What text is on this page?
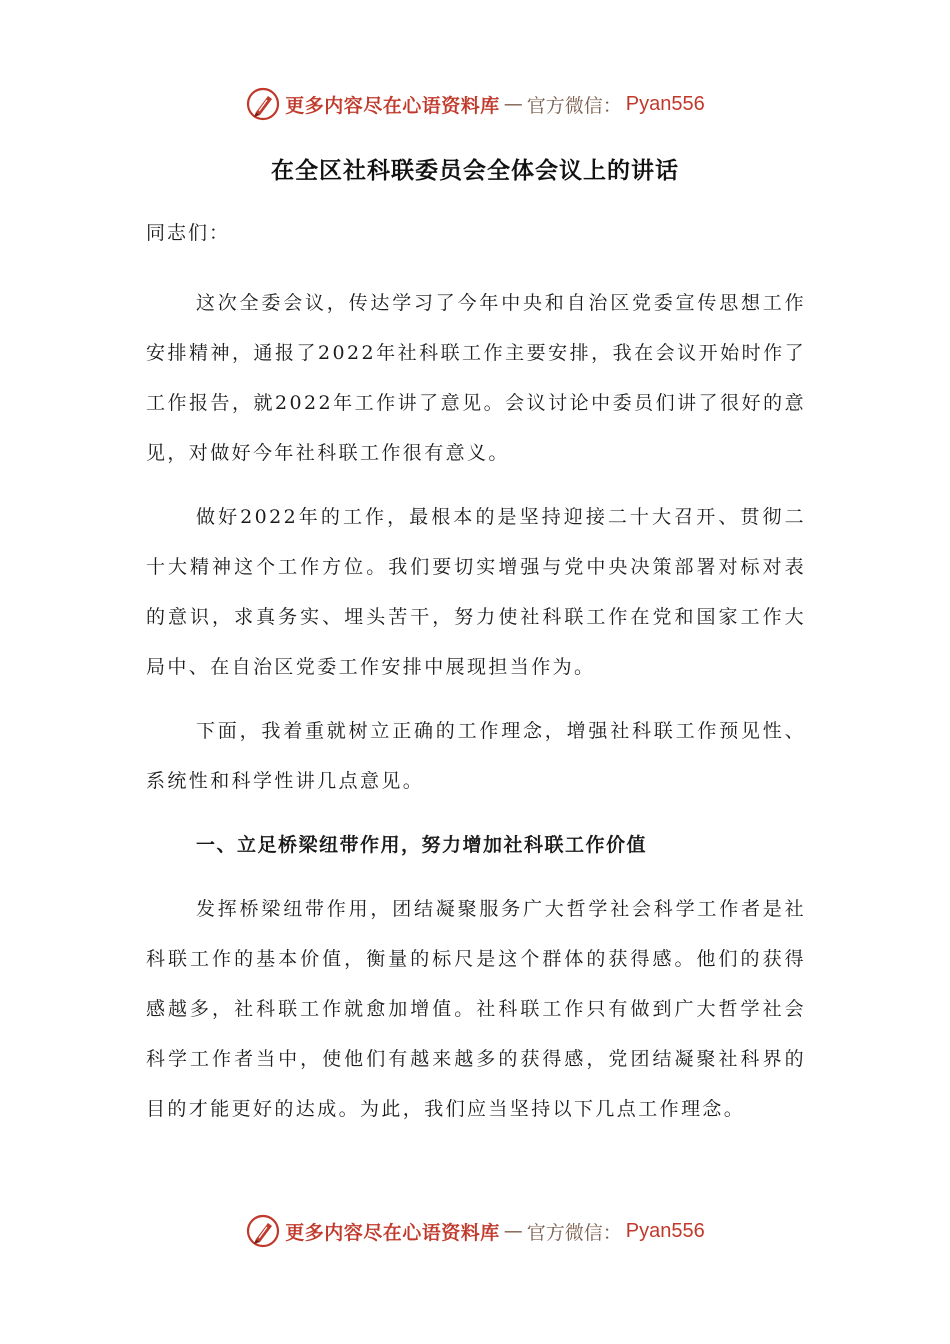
更多内容尽在心语资料库 — 官方微信： Pyan556
在全区社科联委员会全体会议上的讲话

同志们：

这次全委会议，传达学习了今年中央和自治区党委宣传思想工作安排精神，通报了2022年社科联工作主要安排，我在会议开始时作了工作报告，就2022年工作讲了意见。会议讨论中委员们讲了很好的意见，对做好今年社科联工作很有意义。

做好2022年的工作，最根本的是坚持迎接二十大召开、贯彻二十大精神这个工作方位。我们要切实增强与党中央决策部署对标对表的意识，求真务实、埋头苦干，努力使社科联工作在党和国家工作大局中、在自治区党委工作安排中展现担当作为。

下面，我着重就树立正确的工作理念，增强社科联工作预见性、系统性和科学性讲几点意见。

一、立足桥梁纽带作用，努力增加社科联工作价值

发挥桥梁纽带作用，团结凝聚服务广大哲学社会科学工作者是社科联工作的基本价值，衡量的标尺是这个群体的获得感。他们的获得感越多，社科联工作就愈加增值。社科联工作只有做到广大哲学社会科学工作者当中，使他们有越来越多的获得感，党团结凝聚社科界的目的才能更好的达成。为此，我们应当坚持以下几点工作理念。

更多内容尽在心语资料库 — 官方微信： Pyan556
